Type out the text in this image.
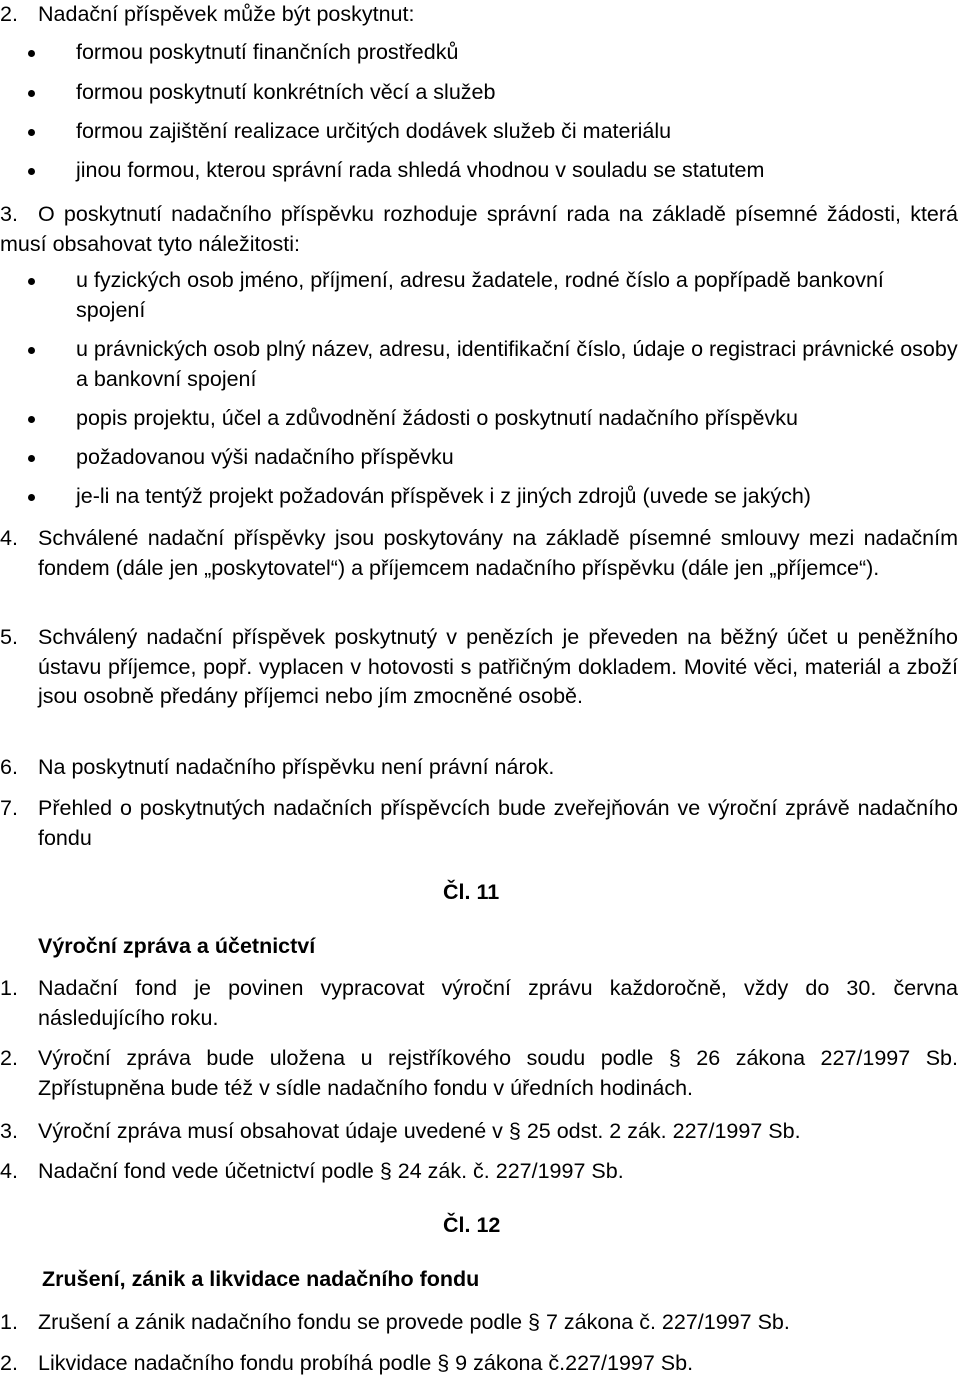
2. Nadační příspěvek může být poskytnut:
formou poskytnutí finančních prostředků
formou poskytnutí konkrétních věcí a služeb
formou zajištění realizace určitých dodávek služeb či materiálu
jinou formou, kterou správní rada shledá vhodnou v souladu se statutem
3. O poskytnutí nadačního příspěvku rozhoduje správní rada na základě písemné žádosti, která musí obsahovat tyto náležitosti:
u fyzických osob jméno, příjmení, adresu žadatele, rodné číslo a popřípadě bankovní spojení
u právnických osob plný název, adresu, identifikační číslo, údaje o registraci právnické osoby a bankovní spojení
popis projektu, účel a zdůvodnění žádosti o poskytnutí nadačního příspěvku
požadovanou výši nadačního příspěvku
je-li na tentýž projekt požadován příspěvek i z jiných zdrojů (uvede se jakých)
4. Schválené nadační příspěvky jsou poskytovány na základě písemné smlouvy mezi nadačním fondem (dále jen „poskytovatel“) a příjemcem nadačního příspěvku (dále jen „příjemce“).
5. Schválený nadační příspěvek poskytnutý v penězích je převeden na běžný účet u peněžního ústavu příjemce, popř. vyplacen v hotovosti s patřičným dokladem. Movité věci, materiál a zboží jsou osobně předány příjemci nebo jím zmocněné osobě.
6. Na poskytnutí nadačního příspěvku není právní nárok.
7. Přehled o poskytnutých nadačních příspěvcích bude zveřejňován ve výroční zprávě nadačního fondu
Čl. 11
Výroční zpráva a účetnictví
1. Nadační fond je povinen vypracovat výroční zprávu každoročně, vždy do 30. června následujícího roku.
2. Výroční zpráva bude uložena u rejstříkového soudu podle § 26 zákona 227/1997 Sb. Zpřístupněna bude též v sídle nadačního fondu v úředních hodinách.
3. Výroční zpráva musí obsahovat údaje uvedené v § 25 odst. 2 zák. 227/1997 Sb.
4. Nadační fond vede účetnictví podle § 24 zák. č. 227/1997 Sb.
Čl. 12
Zrušení, zánik a likvidace nadačního fondu
1. Zrušení a zánik nadačního fondu se provede podle § 7 zákona č. 227/1997 Sb.
2. Likvidace nadačního fondu probíhá podle § 9 zákona č.227/1997 Sb.
